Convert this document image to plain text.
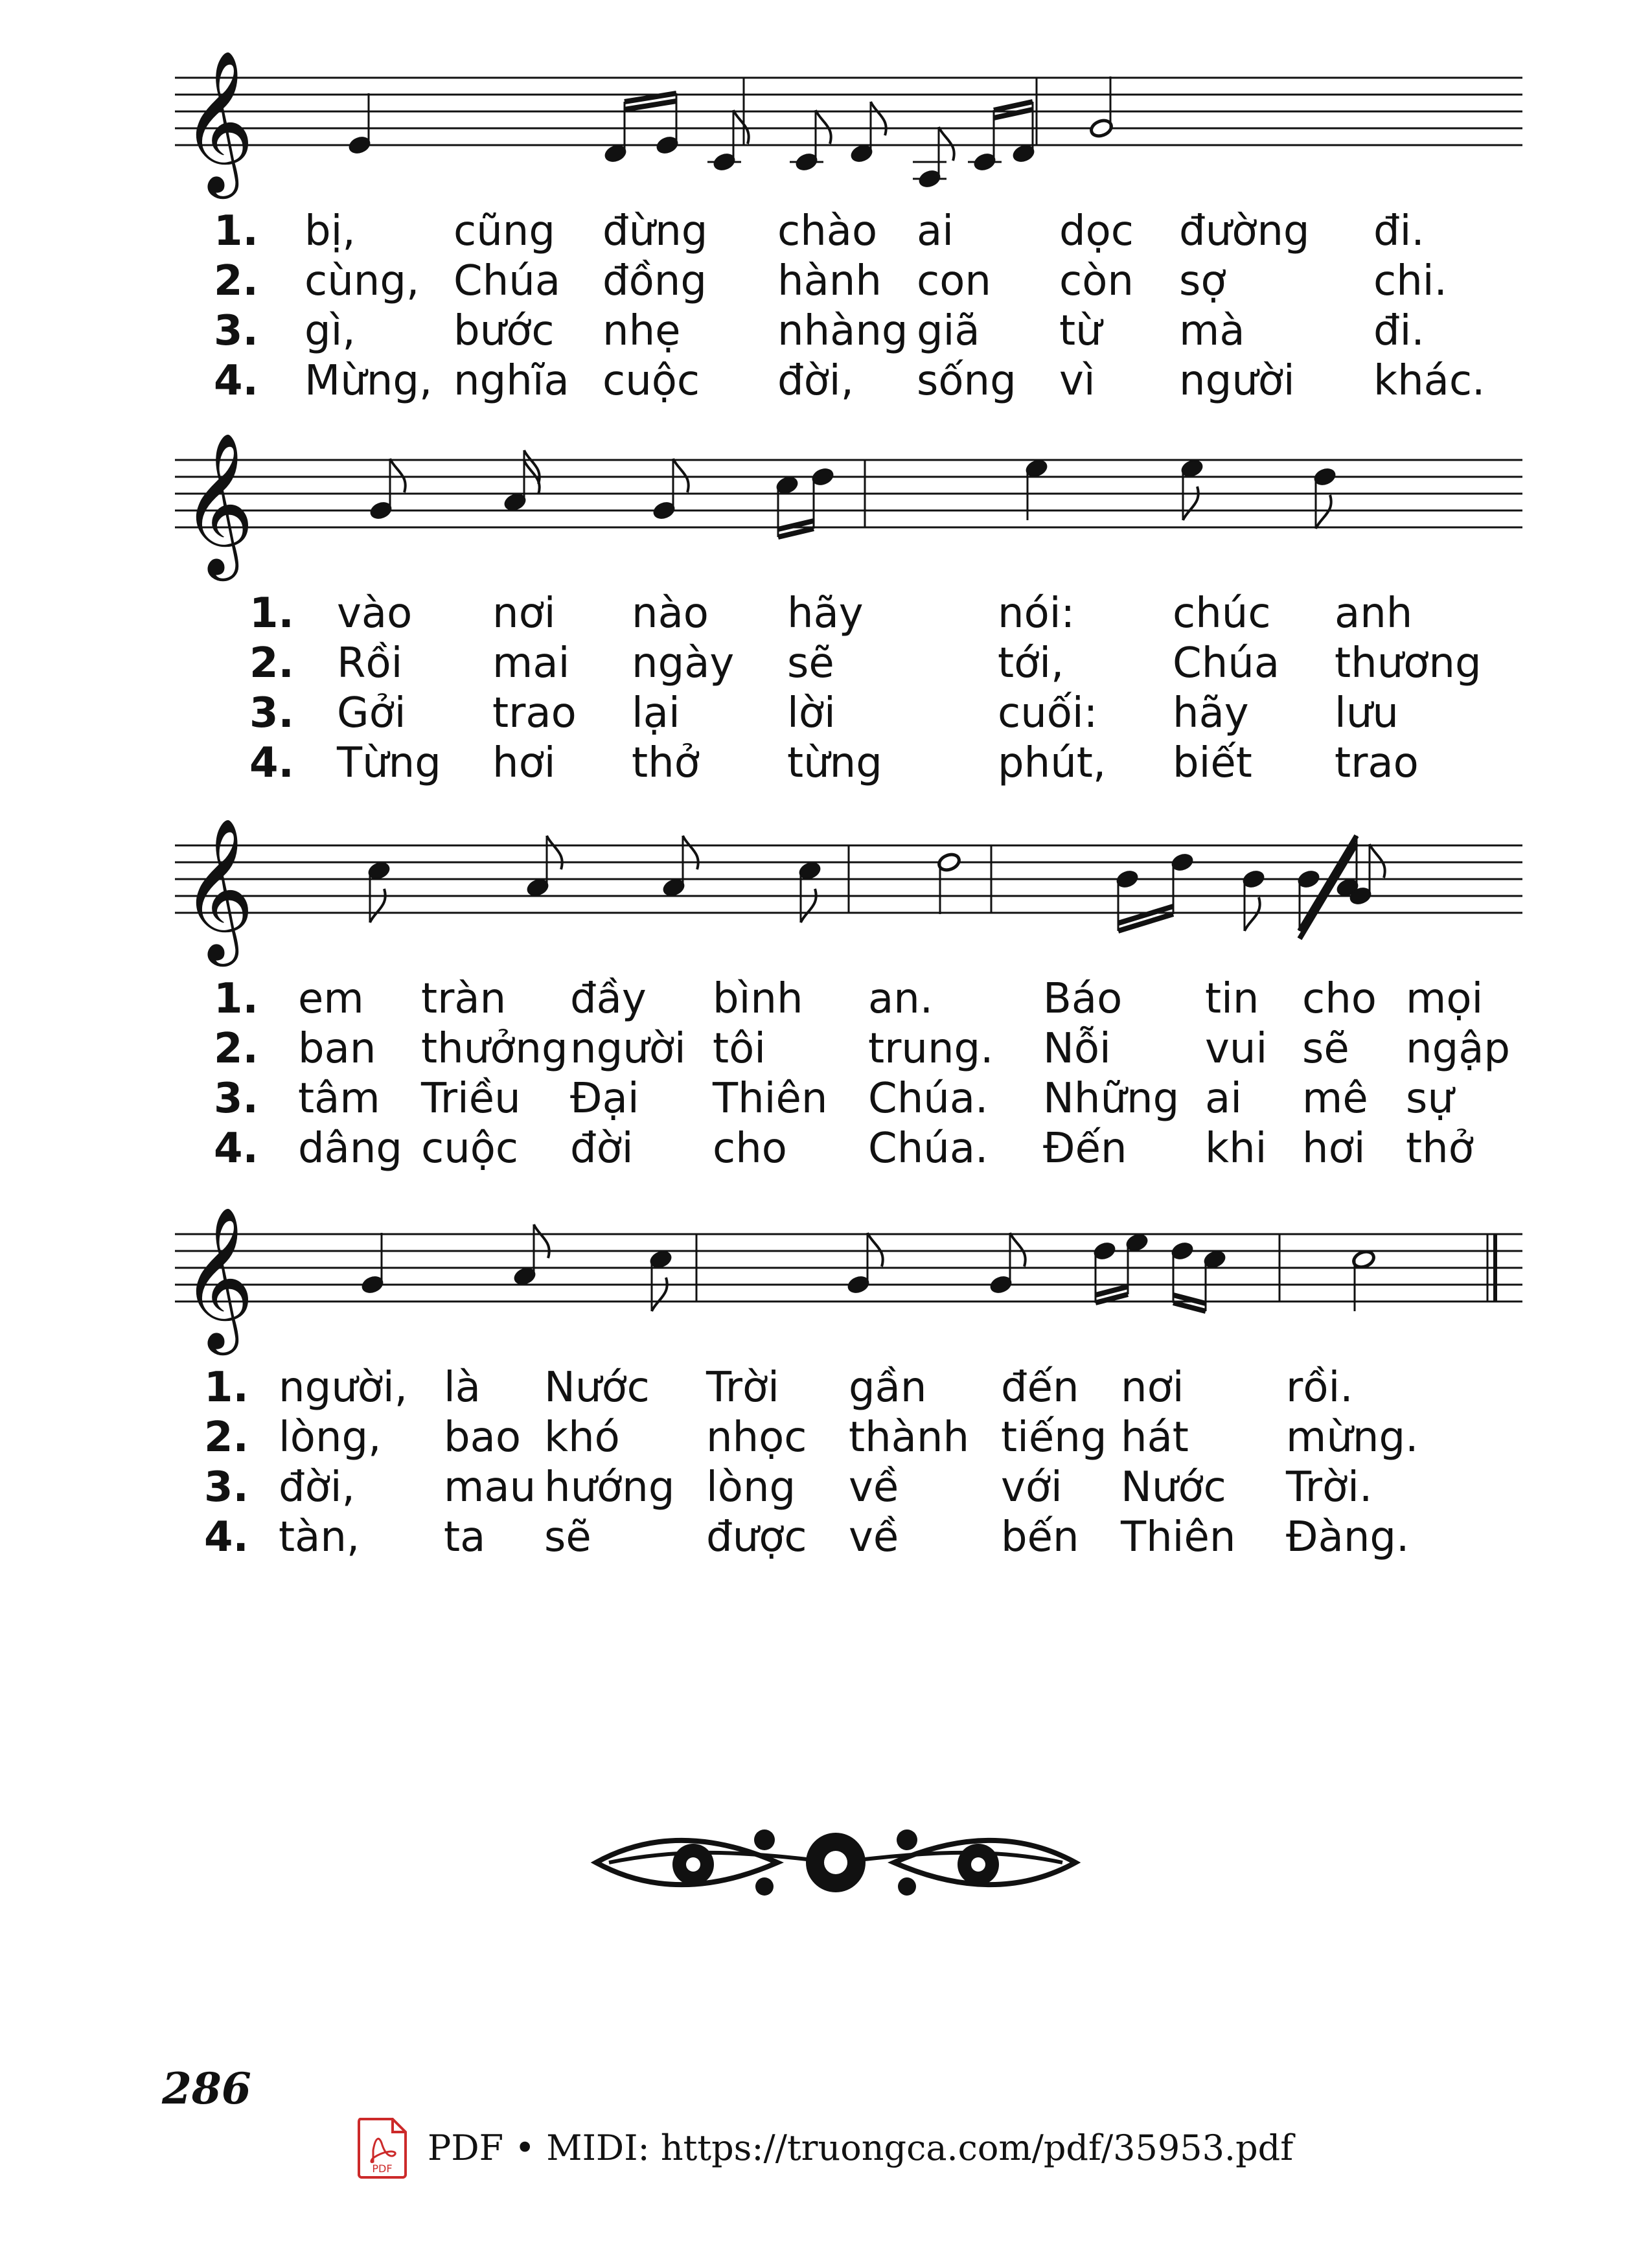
𝄞
1. bị, cũng đừng chào ai	dọc đường đi.
2. cùng, Chúa đồng hành con còn sợ	chi.
3. gì, bước nhẹ nhàng giã từ mà	đi.
4. Mừng, nghĩa cuộc đời, sống vì người khác.
𝄞
1. vào nơi nào hãy	nói: chúc anh
2. Rồi mai ngày sẽ	tới,	Chúa thương
3. Gởi trao lại	lời	cuối: hãy lưu
4. Từng hơi thở từng	phút, biết trao
𝄞
1. em tràn đầy bình an.	Báo tin cho mọi
2. ban thưởng người tôi trung. Nỗi vui sẽ ngập
3. tâm Triều Đại Thiên Chúa. Những ai mê sự
4. dâng cuộc đời cho Chúa. Đến khi hơi thở
𝄞
1. người, là Nước Trời gần đến nơi rồi.
2. lòng, bao khó nhọc thành tiếng hát mừng.
3. đời, mau hướng lòng về với Nước Trời.
4. tàn, ta sẽ	được về bến Thiên Đàng.
286
PDF
PDF • MIDI: https://truongca.com/pdf/35953.pdf
